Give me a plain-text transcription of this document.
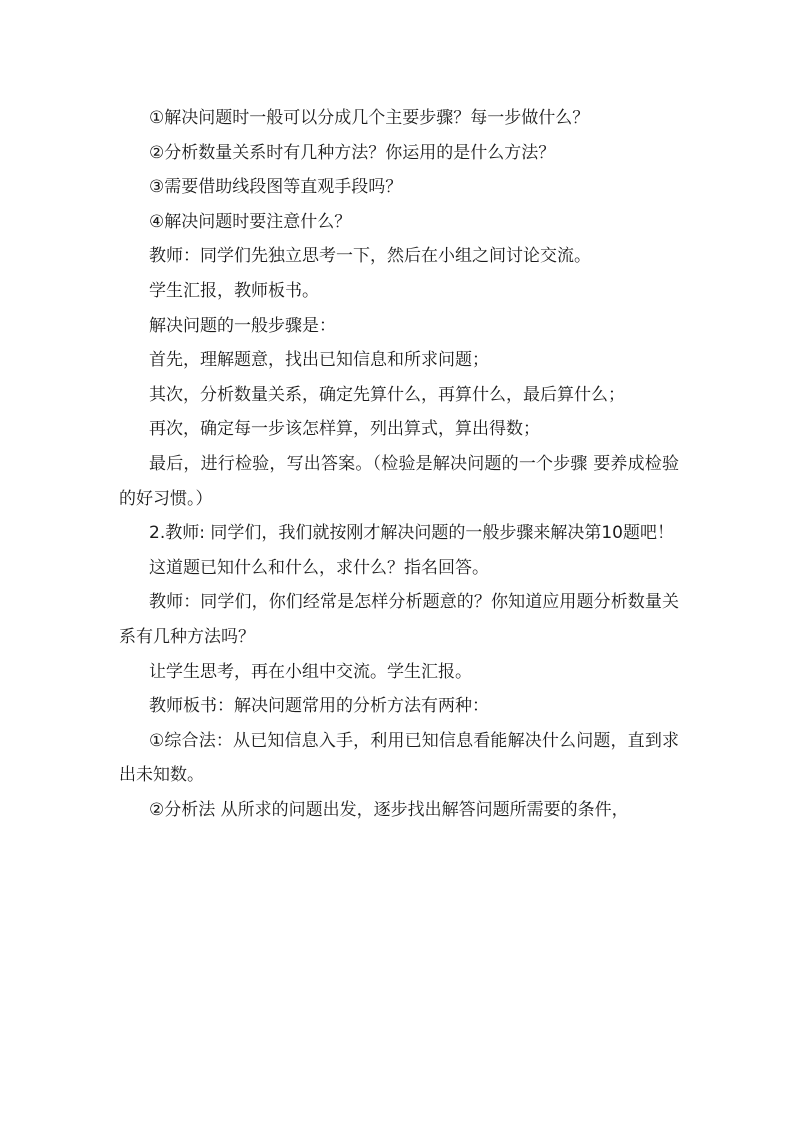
①解决问题时一般可以分成几个主要步骤？每一步做什么？

②分析数量关系时有几种方法？你运用的是什么方法？

③需要借助线段图等直观手段吗？

④解决问题时要注意什么？

教师：同学们先独立思考一下，然后在小组之间讨论交流。

学生汇报，教师板书。

解决问题的一般步骤是：

首先，理解题意，找出已知信息和所求问题；

其次，分析数量关系，确定先算什么，再算什么，最后算什么；

再次，确定每一步该怎样算，列出算式，算出得数；

最后，进行检验，写出答案。（检验是解决问题的一个步骤 要养成检验的好习惯。）

2.教师: 同学们，我们就按刚才解决问题的一般步骤来解决第10题吧！

这道题已知什么和什么，求什么？指名回答。

教师：同学们，你们经常是怎样分析题意的？你知道应用题分析数量关系有几种方法吗？

让学生思考，再在小组中交流。学生汇报。

教师板书：解决问题常用的分析方法有两种：

①综合法：从已知信息入手，利用已知信息看能解决什么问题，直到求出未知数。

②分析法 从所求的问题出发，逐步找出解答问题所需要的条件，
